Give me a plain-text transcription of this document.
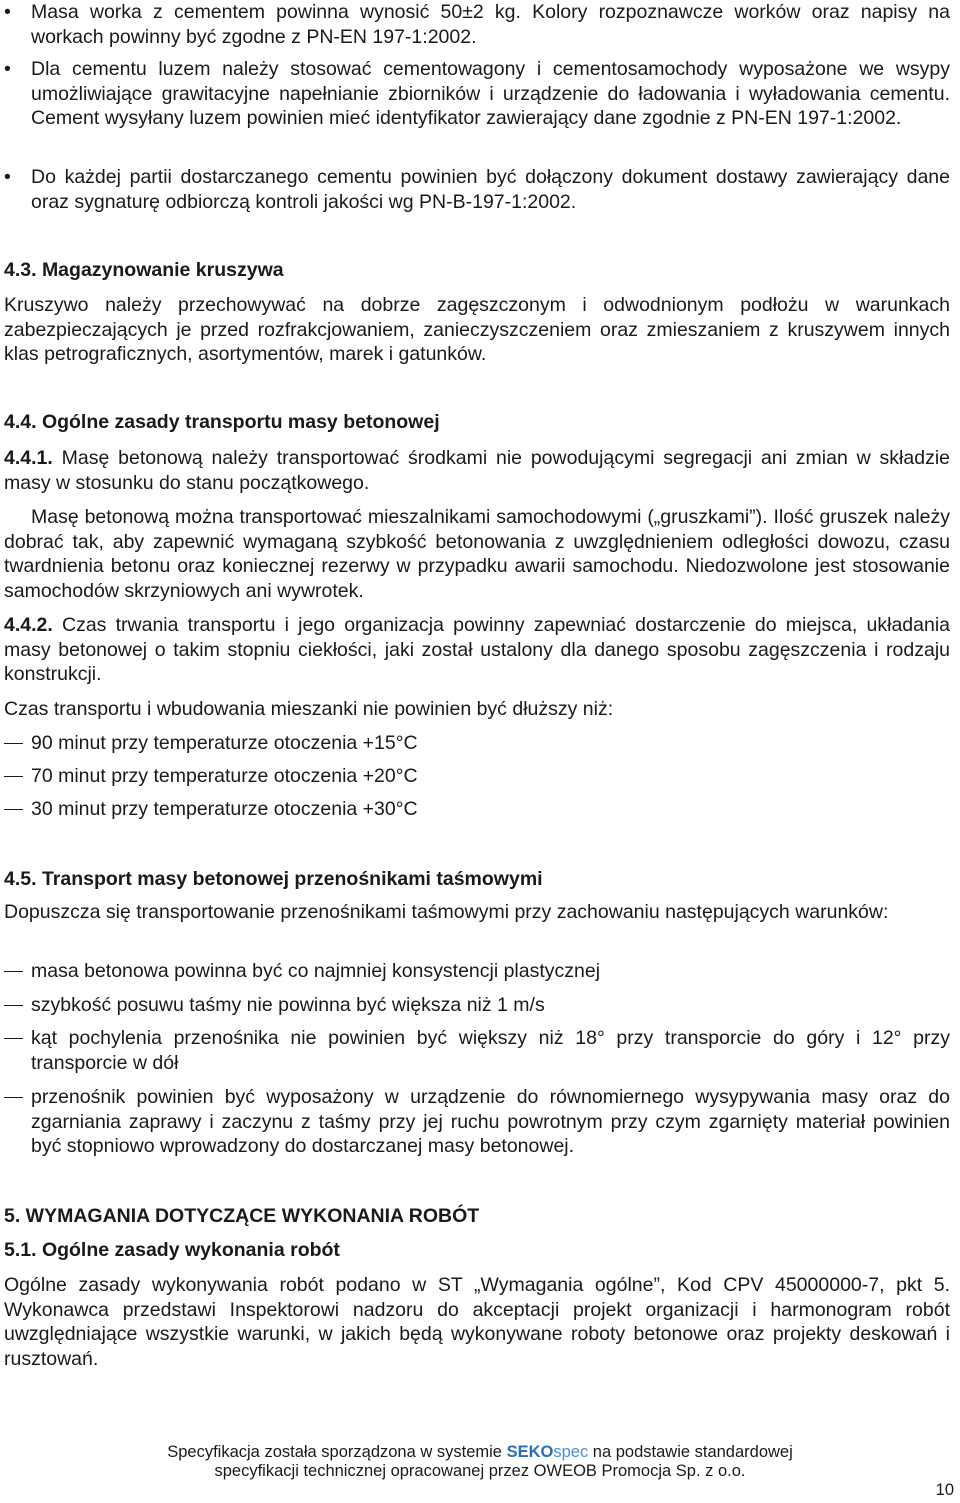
•	Masa worka z cementem powinna wynosić 50±2 kg. Kolory rozpoznawcze worków oraz napisy na workach powinny być zgodne z PN-EN 197-1:2002.
•	Dla cementu luzem należy stosować cementowagony i cementosamochody wyposażone we wsypy umożliwiające grawitacyjne napełnianie zbiorników i urządzenie do ładowania i wyładowania cementu. Cement wysyłany luzem powinien mieć identyfikator zawierający dane zgodnie z PN-EN 197-1:2002.
•	Do każdej partii dostarczanego cementu powinien być dołączony dokument dostawy zawierający dane oraz sygnaturę odbiorczą kontroli jakości wg PN-B-197-1:2002.
4.3. Magazynowanie kruszywa
Kruszywo należy przechowywać na dobrze zagęszczonym i odwodnionym podłożu w warunkach zabezpieczających je przed rozfrakcjowaniem, zanieczyszczeniem oraz zmieszaniem z kruszywem innych klas petrograficznych, asortymentów, marek i gatunków.
4.4. Ogólne zasady transportu masy betonowej
4.4.1. Masę betonową należy transportować środkami nie powodującymi segregacji ani zmian w składzie masy w stosunku do stanu początkowego.
Masę betonową można transportować mieszalnikami samochodowymi („gruszkami”). Ilość gruszek należy dobrać tak, aby zapewnić wymaganą szybkość betonowania z uwzględnieniem odległości dowozu, czasu twardnienia betonu oraz koniecznej rezerwy w przypadku awarii samochodu. Niedozwolone jest stosowanie samochodów skrzyniowych ani wywrotek.
4.4.2. Czas trwania transportu i jego organizacja powinny zapewniać dostarczenie do miejsca, układania masy betonowej o takim stopniu ciekłości, jaki został ustalony dla danego sposobu zagęszczenia i rodzaju konstrukcji.
Czas transportu i wbudowania mieszanki nie powinien być dłuższy niż:
90 minut przy temperaturze otoczenia +15°C
70 minut przy temperaturze otoczenia +20°C
30 minut przy temperaturze otoczenia +30°C
4.5. Transport masy betonowej przenośnikami taśmowymi
Dopuszcza się transportowanie przenośnikami taśmowymi przy zachowaniu następujących warunków:
masa betonowa powinna być co najmniej konsystencji plastycznej
szybkość posuwu taśmy nie powinna być większa niż 1 m/s
kąt pochylenia przenośnika nie powinien być większy niż 18° przy transporcie do góry i 12° przy transporcie w dół
przenośnik powinien być wyposażony w urządzenie do równomiernego wysypywania masy oraz do zgarniania zaprawy i zaczynu z taśmy przy jej ruchu powrotnym przy czym zgarnięty materiał powinien być stopniowo wprowadzony do dostarczanej masy betonowej.
5. WYMAGANIA DOTYCZĄCE WYKONANIA ROBÓT
5.1. Ogólne zasady wykonania robót
Ogólne zasady wykonywania robót podano w ST „Wymagania ogólne”, Kod CPV 45000000-7, pkt 5. Wykonawca przedstawi Inspektorowi nadzoru do akceptacji projekt organizacji i harmonogram robót uwzględniające wszystkie warunki, w jakich będą wykonywane roboty betonowe oraz projekty deskowań i rusztowań.
Specyfikacja została sporządzona w systemie SEKOspec na podstawie standardowej
specyfikacji technicznej opracowanej przez OWEOB Promocja Sp. z o.o.
10
